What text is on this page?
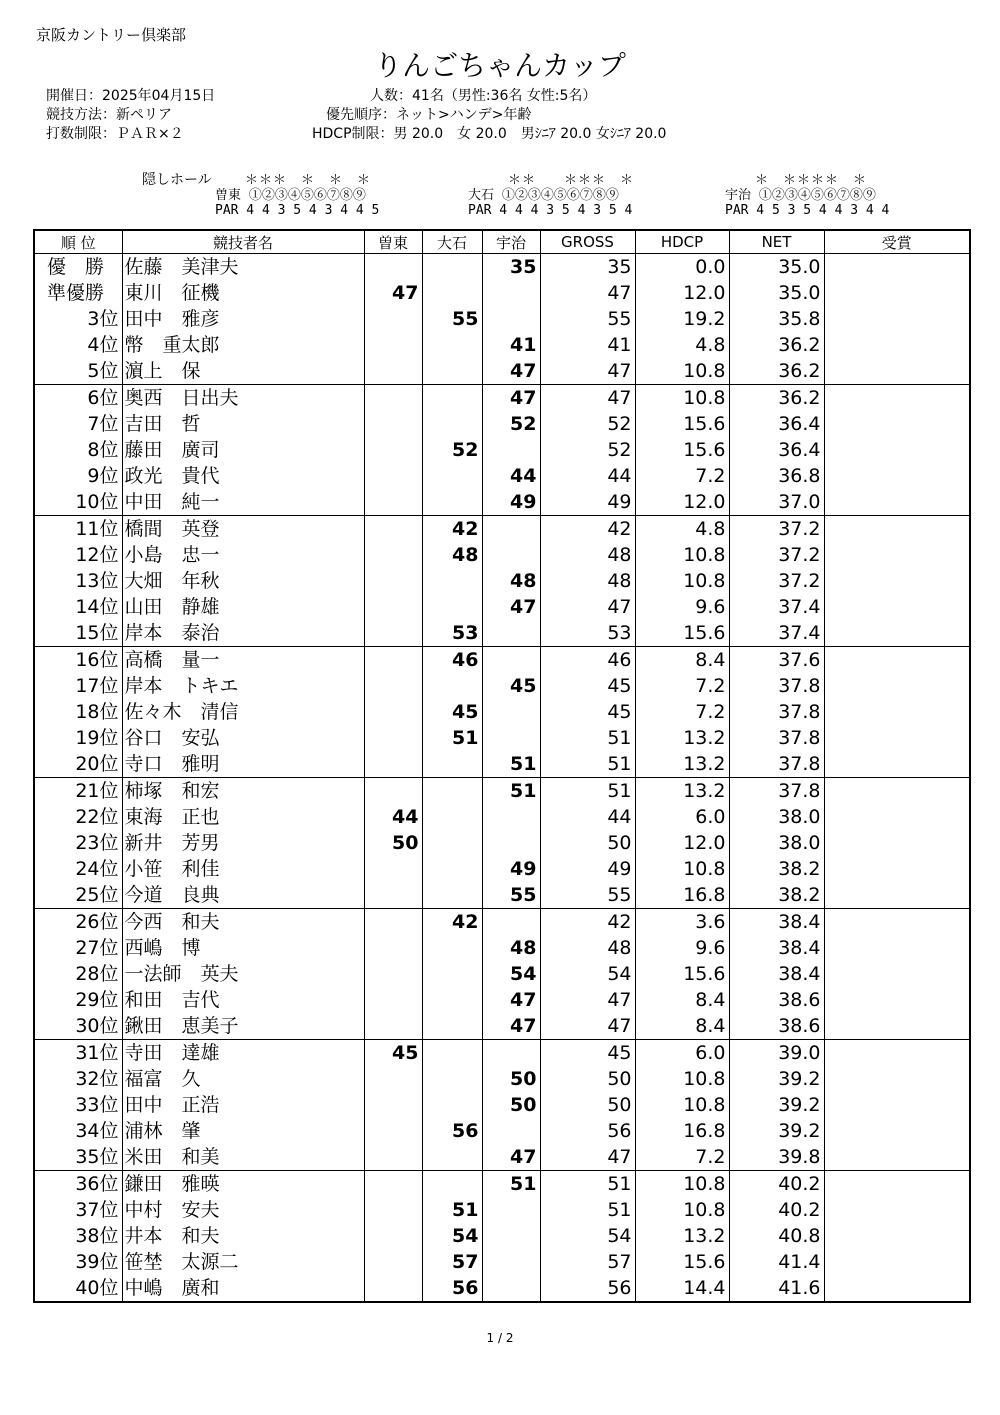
京阪カントリー倶楽部
りんごちゃんカップ
開催日：2025年04月15日
競技方法：新ペリア
打数制限：ＰＡＲ×２
人数：41名（男性:36名 女性:5名）
優先順序：ネット>ハンデ>年齢
HDCP制限：男 20.0　女 20.0　男ｼﾆｱ 20.0 女ｼﾆｱ 20.0
隠しホール	＊＊＊　＊　＊　＊
曽東 ①②③④⑤⑥⑦⑧⑨
PAR 4 4 3 5 4 3 4 4 5
＊＊　　＊＊＊　＊
大石 ①②③④⑤⑥⑦⑧⑨
PAR 4 4 4 3 5 4 3 5 4
＊　＊＊＊＊　＊
宇治 ①②③④⑤⑥⑦⑧⑨
PAR 4 5 3 5 4 4 3 4 4
順 位	競技者名	曽東	大石	宇治	GROSS	HDCP	NET	受賞
優　勝	佐藤　美津夫			35	35	0.0	35.0	
準優勝	東川　征機	47			47	12.0	35.0	
3位	田中　雅彦		55		55	19.2	35.8	
4位	幣　重太郎			41	41	4.8	36.2	
5位	濵上　保			47	47	10.8	36.2	
6位	奥西　日出夫			47	47	10.8	36.2	
7位	吉田　哲			52	52	15.6	36.4	
8位	藤田　廣司		52		52	15.6	36.4	
9位	政光　貴代			44	44	7.2	36.8	
10位	中田　純一			49	49	12.0	37.0	
11位	橋間　英登		42		42	4.8	37.2	
12位	小島　忠一		48		48	10.8	37.2	
13位	大畑　年秋			48	48	10.8	37.2	
14位	山田　静雄			47	47	9.6	37.4	
15位	岸本　泰治		53		53	15.6	37.4	
16位	高橋　量一		46		46	8.4	37.6	
17位	岸本　トキエ			45	45	7.2	37.8	
18位	佐々木　清信		45		45	7.2	37.8	
19位	谷口　安弘		51		51	13.2	37.8	
20位	寺口　雅明			51	51	13.2	37.8	
21位	柿塚　和宏			51	51	13.2	37.8	
22位	東海　正也	44			44	6.0	38.0	
23位	新井　芳男	50			50	12.0	38.0	
24位	小笹　利佳			49	49	10.8	38.2	
25位	今道　良典			55	55	16.8	38.2	
26位	今西　和夫		42		42	3.6	38.4	
27位	西嶋　博			48	48	9.6	38.4	
28位	一法師　英夫			54	54	15.6	38.4	
29位	和田　吉代			47	47	8.4	38.6	
30位	鍬田　恵美子			47	47	8.4	38.6	
31位	寺田　達雄	45			45	6.0	39.0	
32位	福富　久			50	50	10.8	39.2	
33位	田中　正浩			50	50	10.8	39.2	
34位	浦林　肇		56		56	16.8	39.2	
35位	米田　和美			47	47	7.2	39.8	
36位	鎌田　雅暎			51	51	10.8	40.2	
37位	中村　安夫		51		51	10.8	40.2	
38位	井本　和夫		54		54	13.2	40.8	
39位	笹埜　太源二		57		57	15.6	41.4	
40位	中嶋　廣和		56		56	14.4	41.6	
1 / 2
